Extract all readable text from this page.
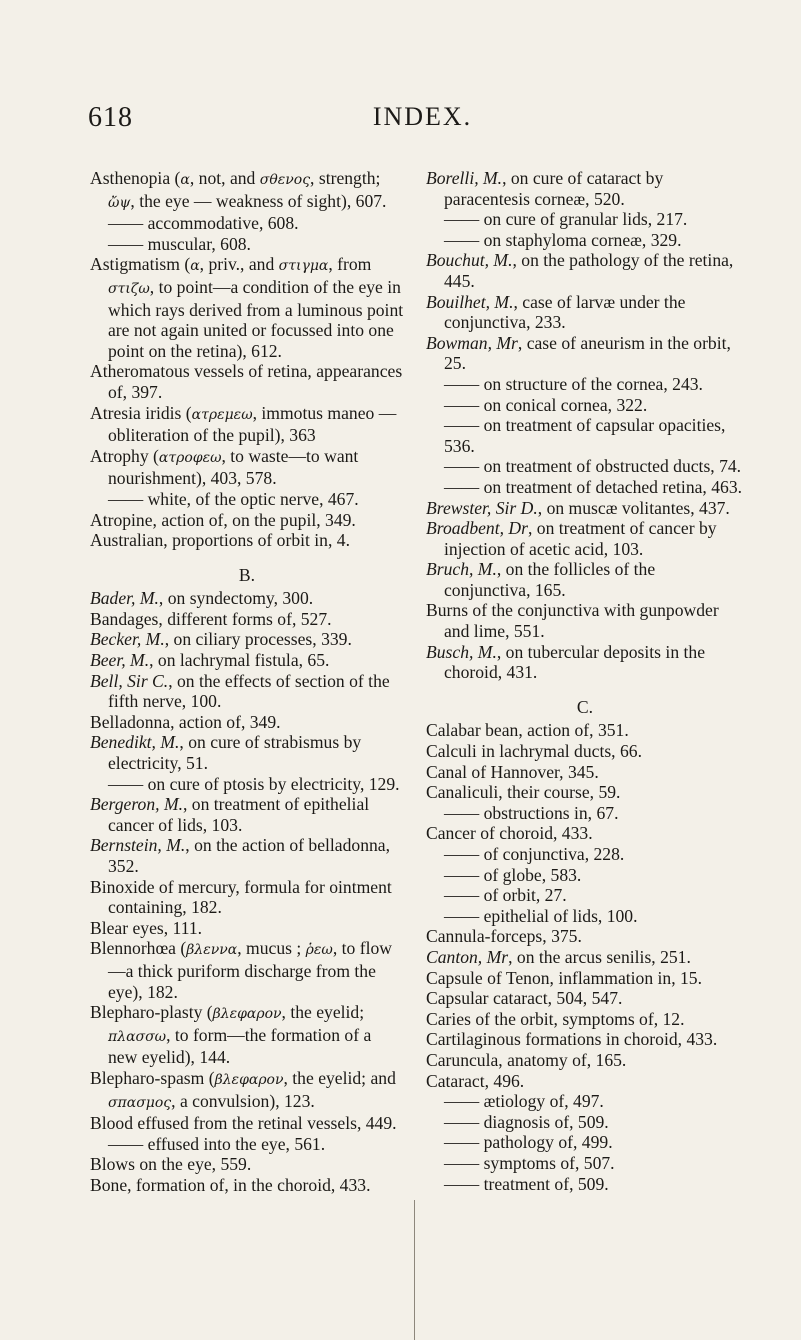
618	INDEX.
Asthenopia (α, not, and σθενος, strength; ὤψ, the eye — weakness of sight), 607.
—— accommodative, 608.
—— muscular, 608.
Astigmatism (α, priv., and στιγμα, from στιζω, to point—a condition of the eye in which rays derived from a luminous point are not again united or focussed into one point on the retina), 612.
Atheromatous vessels of retina, appearances of, 397.
Atresia iridis (ατρεμεω, immotus maneo —obliteration of the pupil), 363
Atrophy (ατροφεω, to waste—to want nourishment), 403, 578.
—— white, of the optic nerve, 467.
Atropine, action of, on the pupil, 349.
Australian, proportions of orbit in, 4.
B.
Bader, M., on syndectomy, 300.
Bandages, different forms of, 527.
Becker, M., on ciliary processes, 339.
Beer, M., on lachrymal fistula, 65.
Bell, Sir C., on the effects of section of the fifth nerve, 100.
Belladonna, action of, 349.
Benedikt, M., on cure of strabismus by electricity, 51.
—— on cure of ptosis by electricity, 129.
Bergeron, M., on treatment of epithelial cancer of lids, 103.
Bernstein, M., on the action of belladonna, 352.
Binoxide of mercury, formula for ointment containing, 182.
Blear eyes, 111.
Blennorhœa (βλεννα, mucus ; ῥεω, to flow—a thick puriform discharge from the eye), 182.
Blepharo-plasty (βλεφαρον, the eyelid; πλασσω, to form—the formation of a new eyelid), 144.
Blepharo-spasm (βλεφαρον, the eyelid; and σπασμος, a convulsion), 123.
Blood effused from the retinal vessels, 449.
—— effused into the eye, 561.
Blows on the eye, 559.
Bone, formation of, in the choroid, 433.
Borelli, M., on cure of cataract by paracentesis corneæ, 520.
—— on cure of granular lids, 217.
—— on staphyloma corneæ, 329.
Bouchut, M., on the pathology of the retina, 445.
Bouilhet, M., case of larvæ under the conjunctiva, 233.
Bowman, Mr, case of aneurism in the orbit, 25.
—— on structure of the cornea, 243.
—— on conical cornea, 322.
—— on treatment of capsular opacities, 536.
—— on treatment of obstructed ducts, 74.
—— on treatment of detached retina, 463.
Brewster, Sir D., on muscæ volitantes, 437.
Broadbent, Dr, on treatment of cancer by injection of acetic acid, 103.
Bruch, M., on the follicles of the conjunctiva, 165.
Burns of the conjunctiva with gunpowder and lime, 551.
Busch, M., on tubercular deposits in the choroid, 431.
C.
Calabar bean, action of, 351.
Calculi in lachrymal ducts, 66.
Canal of Hannover, 345.
Canaliculi, their course, 59.
—— obstructions in, 67.
Cancer of choroid, 433.
—— of conjunctiva, 228.
—— of globe, 583.
—— of orbit, 27.
—— epithelial of lids, 100.
Cannula-forceps, 375.
Canton, Mr, on the arcus senilis, 251.
Capsule of Tenon, inflammation in, 15.
Capsular cataract, 504, 547.
Caries of the orbit, symptoms of, 12.
Cartilaginous formations in choroid, 433.
Caruncula, anatomy of, 165.
Cataract, 496.
—— ætiology of, 497.
—— diagnosis of, 509.
—— pathology of, 499.
—— symptoms of, 507.
—— treatment of, 509.
